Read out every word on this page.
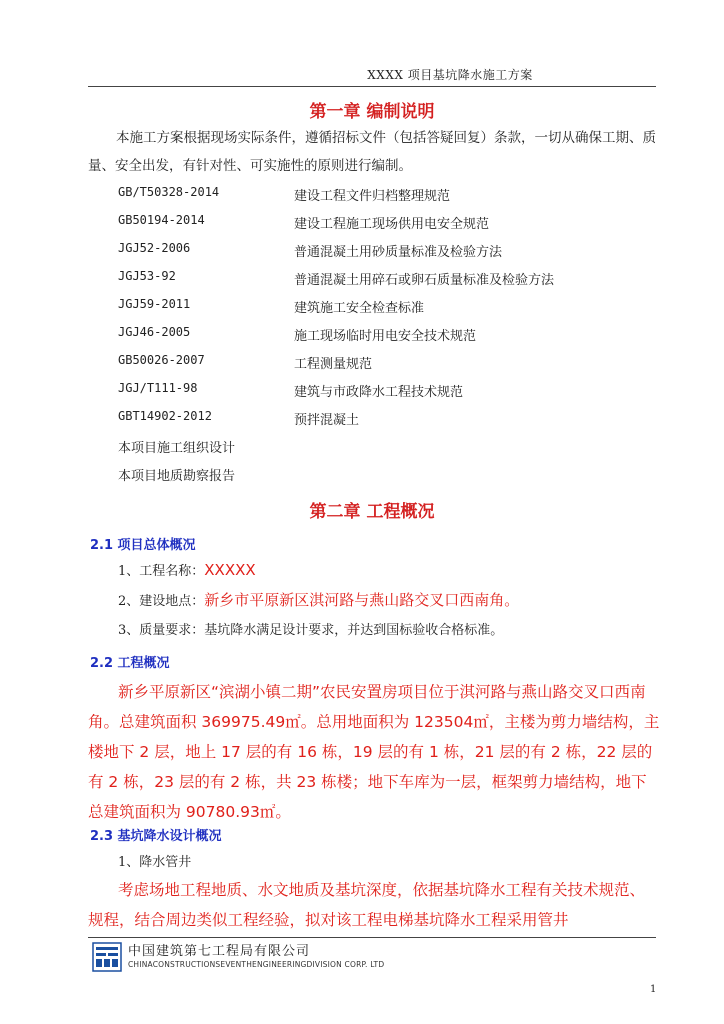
XXXX 项目基坑降水施工方案
第一章 编制说明
本施工方案根据现场实际条件，遵循招标文件（包括答疑回复）条款，一切从确保工期、质量、安全出发，有针对性、可实施性的原则进行编制。
GB/T50328-2014	建设工程文件归档整理规范
GB50194-2014	建设工程施工现场供用电安全规范
JGJ52-2006	普通混凝土用砂质量标准及检验方法
JGJ53-92	普通混凝土用碎石或卵石质量标准及检验方法
JGJ59-2011	建筑施工安全检查标准
JGJ46-2005	施工现场临时用电安全技术规范
GB50026-2007	工程测量规范
JGJ/T111-98	建筑与市政降水工程技术规范
GBT14902-2012	预拌混凝土
本项目施工组织设计
本项目地质勘察报告
第二章 工程概况
2.1 项目总体概况
1、工程名称：XXXXX
2、建设地点：新乡市平原新区淇河路与燕山路交叉口西南角。
3、质量要求：基坑降水满足设计要求，并达到国标验收合格标准。
2.2 工程概况
新乡平原新区“滨湖小镇二期”农民安置房项目位于淇河路与燕山路交叉口西南角。总建筑面积 369975.49㎡。总用地面积为 123504㎡，主楼为剪力墙结构，主楼地下 2 层，地上 17 层的有 16 栋，19 层的有 1 栋，21 层的有 2 栋，22 层的有 2 栋，23 层的有 2 栋，共 23 栋楼；地下车库为一层，框架剪力墙结构，地下总建筑面积为 90780.93㎡。
2.3 基坑降水设计概况
1、降水管井
考虑场地工程地质、水文地质及基坑深度，依据基坑降水工程有关技术规范、规程，结合周边类似工程经验，拟对该工程电梯基坑降水工程采用管井
中国建筑第七工程局有限公司
CHINACONSTRUCTIONSEVENTHENGINEERINGDIVISION CORP. LTD
1
